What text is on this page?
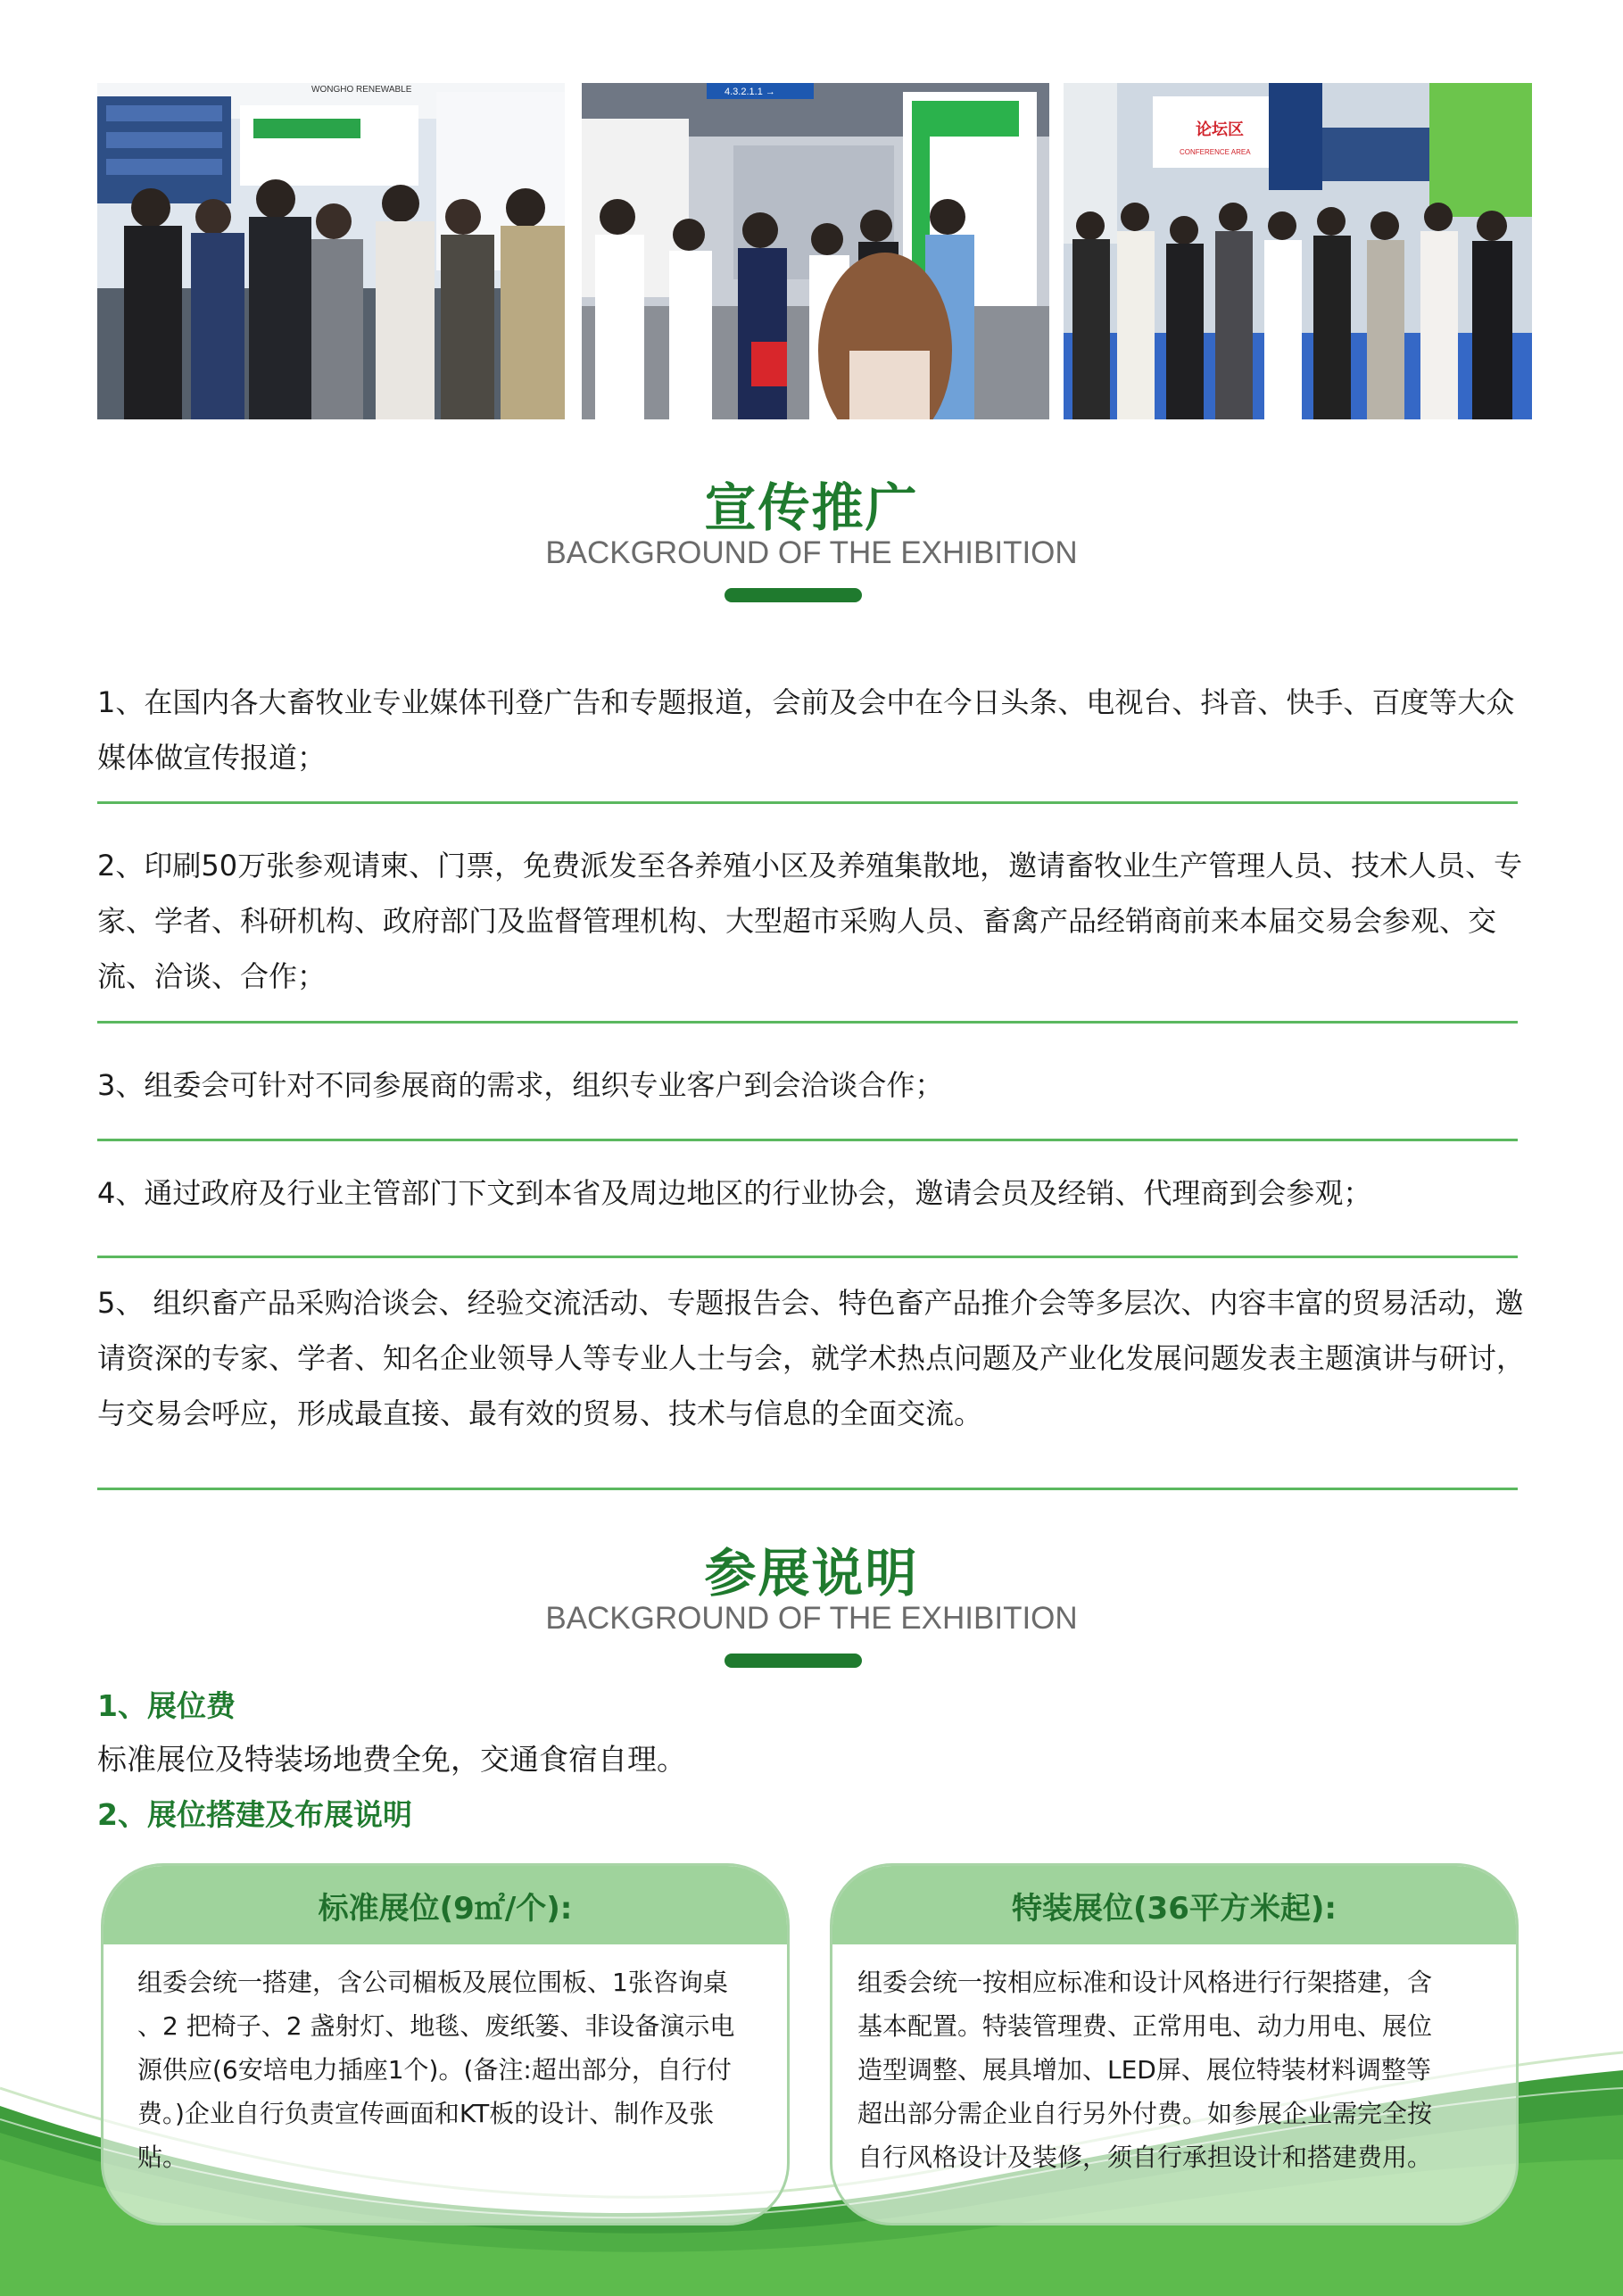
WONGHO RENEWABLE	4.3.2.1.1 →
论坛区
CONFERENCE AREA
宣传推广
BACKGROUND OF THE EXHIBITION
1、在国内各大畜牧业专业媒体刊登广告和专题报道，会前及会中在今日头条、电视台、抖音、快手、百度等大众媒体做宣传报道；
2、印刷50万张参观请柬、门票，免费派发至各养殖小区及养殖集散地，邀请畜牧业生产管理人员、技术人员、专家、学者、科研机构、政府部门及监督管理机构、大型超市采购人员、畜禽产品经销商前来本届交易会参观、交流、洽谈、合作；
3、组委会可针对不同参展商的需求，组织专业客户到会洽谈合作；
4、通过政府及行业主管部门下文到本省及周边地区的行业协会，邀请会员及经销、代理商到会参观；
5、 组织畜产品采购洽谈会、经验交流活动、专题报告会、特色畜产品推介会等多层次、内容丰富的贸易活动，邀请资深的专家、学者、知名企业领导人等专业人士与会，就学术热点问题及产业化发展问题发表主题演讲与研讨，与交易会呼应，形成最直接、最有效的贸易、技术与信息的全面交流。
参展说明
BACKGROUND OF THE EXHIBITION
1、展位费
标准展位及特装场地费全免，交通食宿自理。
2、展位搭建及布展说明
标准展位(9㎡/个):
组委会统一搭建，含公司楣板及展位围板、1张咨询桌
、2 把椅子、2 盏射灯、地毯、废纸篓、非设备演示电
源供应(6安培电力插座1个)。(备注:超出部分，自行付
费。)企业自行负责宣传画面和KT板的设计、制作及张
贴。
特装展位(36平方米起):
组委会统一按相应标准和设计风格进行行架搭建，含
基本配置。特装管理费、正常用电、动力用电、展位
造型调整、展具增加、LED屏、展位特装材料调整等
超出部分需企业自行另外付费。如参展企业需完全按
自行风格设计及装修，须自行承担设计和搭建费用。
